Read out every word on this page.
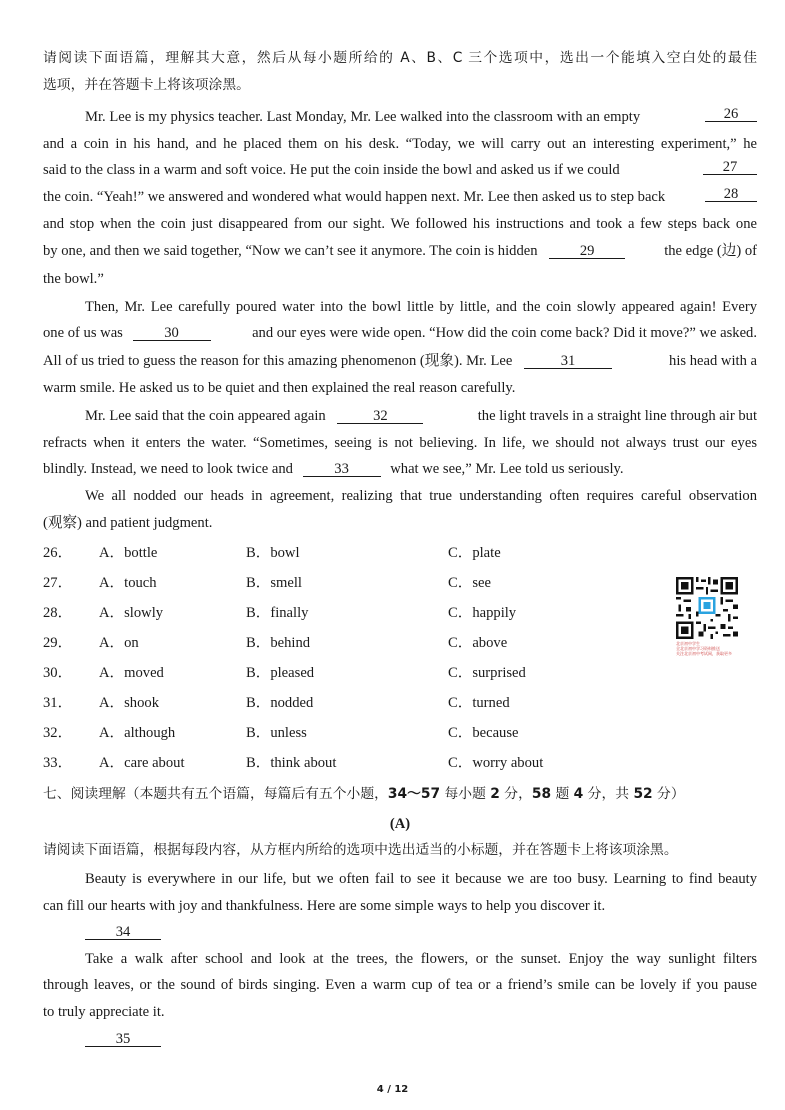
请阅读下面语篇，理解其大意，然后从每小题所给的 A、B、C 三个选项中，选出一个能填入空白处的最佳
选项，并在答题卡上将该项涂黑。
Mr. Lee is my physics teacher. Last Monday, Mr. Lee walked into the classroom with an empty	26
and a coin in his hand, and he placed them on his desk. “Today, we will carry out an interesting experiment,” he
said to the class in a warm and soft voice. He put the coin inside the bowl and asked us if we could	27
the coin. “Yeah!” we answered and wondered what would happen next. Mr. Lee then asked us to step back	28
and stop when the coin just disappeared from our sight. We followed his instructions and took a few steps back one
by one, and then we said together, “Now we can’t see it anymore. The coin is hidden	29	the edge (边) of
the bowl.”
Then, Mr. Lee carefully poured water into the bowl little by little, and the coin slowly appeared again! Every
one of us was	30	and our eyes were wide open. “How did the coin come back? Did it move?” we asked.
All of us tried to guess the reason for this amazing phenomenon (现象). Mr. Lee	31	his head with a
warm smile. He asked us to be quiet and then explained the real reason carefully.
Mr. Lee said that the coin appeared again	32	the light travels in a straight line through air but
refracts when it enters the water. “Sometimes, seeing is not believing. In life, we should not always trust our eyes
blindly. Instead, we need to look twice and	33	what we see,” Mr. Lee told us seriously.
We all nodded our heads in agreement, realizing that true understanding often requires careful observation
(观察) and patient judgment.
26． A．bottle	B．bowl	C．plate
27． A．touch	B．smell	C．see
28． A．slowly	B．finally	C．happily
29． A．on	B．behind	C．above
30． A．moved	B．pleased	C．surprised
31． A．shook	B．nodded	C．turned
32． A．although	B．unless	C．because
33． A．care about	B．think about	C．worry about
北京初中学生
全北京初中学习资料推送
关注北京初中考试网，获取更多
七、阅读理解（本题共有五个语篇，每篇后有五个小题，34～57 每小题 2 分，58 题 4 分，共 52 分）
(A)
请阅读下面语篇，根据每段内容，从方框内所给的选项中选出适当的小标题，并在答题卡上将该项涂黑。
Beauty is everywhere in our life, but we often fail to see it because we are too busy. Learning to find beauty
can fill our hearts with joy and thankfulness. Here are some simple ways to help you discover it.
34
Take a walk after school and look at the trees, the flowers, or the sunset. Enjoy the way sunlight filters
through leaves, or the sound of birds singing. Even a warm cup of tea or a friend’s smile can be lovely if you pause
to truly appreciate it.
35
4 / 12
